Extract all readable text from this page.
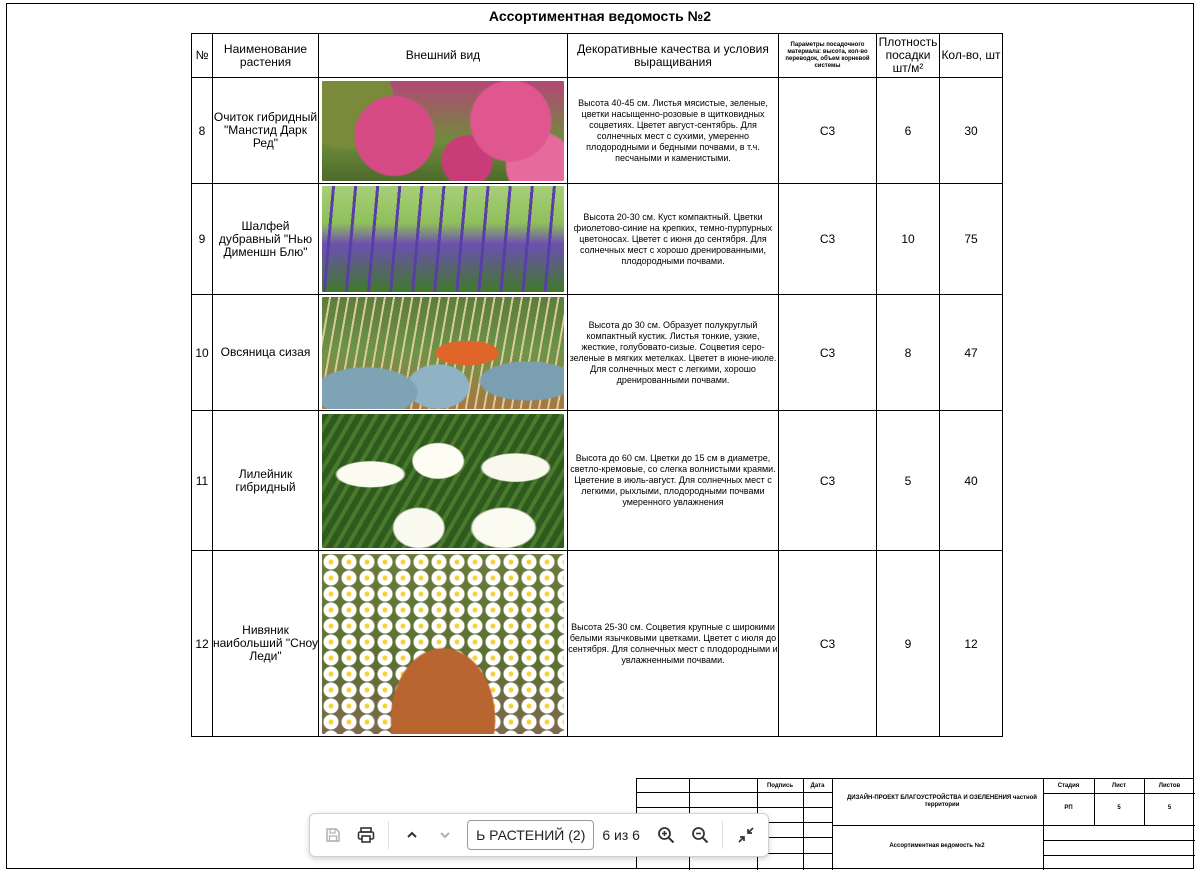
Ассортиментная ведомость №2
№	Наименование растения	Внешний вид	Декоративные качества и условия выращивания	Параметры посадочного материала: высота, кол-во переводок, объем корневой системы	Плотность посадки шт/м²	Кол-во, шт
8	Очиток гибридный "Манстид Дарк Ред"		Высота 40-45 см. Листья мясистые, зеленые, цветки насыщенно-розовые в щитковидных соцветиях. Цветет август-сентябрь. Для солнечных мест с сухими, умеренно плодородными и бедными почвами, в т.ч. песчаными и каменистыми.	С3	6	30
9	Шалфей дубравный "Нью Дименшн Блю"		Высота 20-30 см. Куст компактный. Цветки фиолетово-синие на крепких, темно-пурпурных цветоносах. Цветет с июня до сентября. Для солнечных мест с хорошо дренированными, плодородными почвами.	С3	10	75
10	Овсяница сизая		Высота до 30 см. Образует полукруглый компактный кустик. Листья тонкие, узкие, жесткие, голубовато-сизые. Соцветия серо-зеленые в мягких метелках. Цветет в июне-июле. Для солнечных мест с легкими, хорошо дренированными почвами.	С3	8	47
11	Лилейник гибридный		Высота до 60 см. Цветки до 15 см в диаметре, светло-кремовые, со слегка волнистыми краями. Цветение в июль-август. Для солнечных мест с легкими, рыхлыми, плодородными почвами умеренного увлажнения	С3	5	40
12	Нивяник наибольший "Сноу Леди"		Высота 25-30 см. Соцветия крупные с широкими белыми язычковыми цветками. Цветет с июля до сентября. Для солнечных мест с плодородными и увлажненными почвами.	С3	9	12
Подпись	Дата
ДИЗАЙН-ПРОЕКТ БЛАГОУСТРОЙСТВА И ОЗЕЛЕНЕНИЯ частной территории
Ассортиментная ведомость №2
Стадия	Лист	Листов
РП	5	5
Ь РАСТЕНИЙ (2)	6 из 6
